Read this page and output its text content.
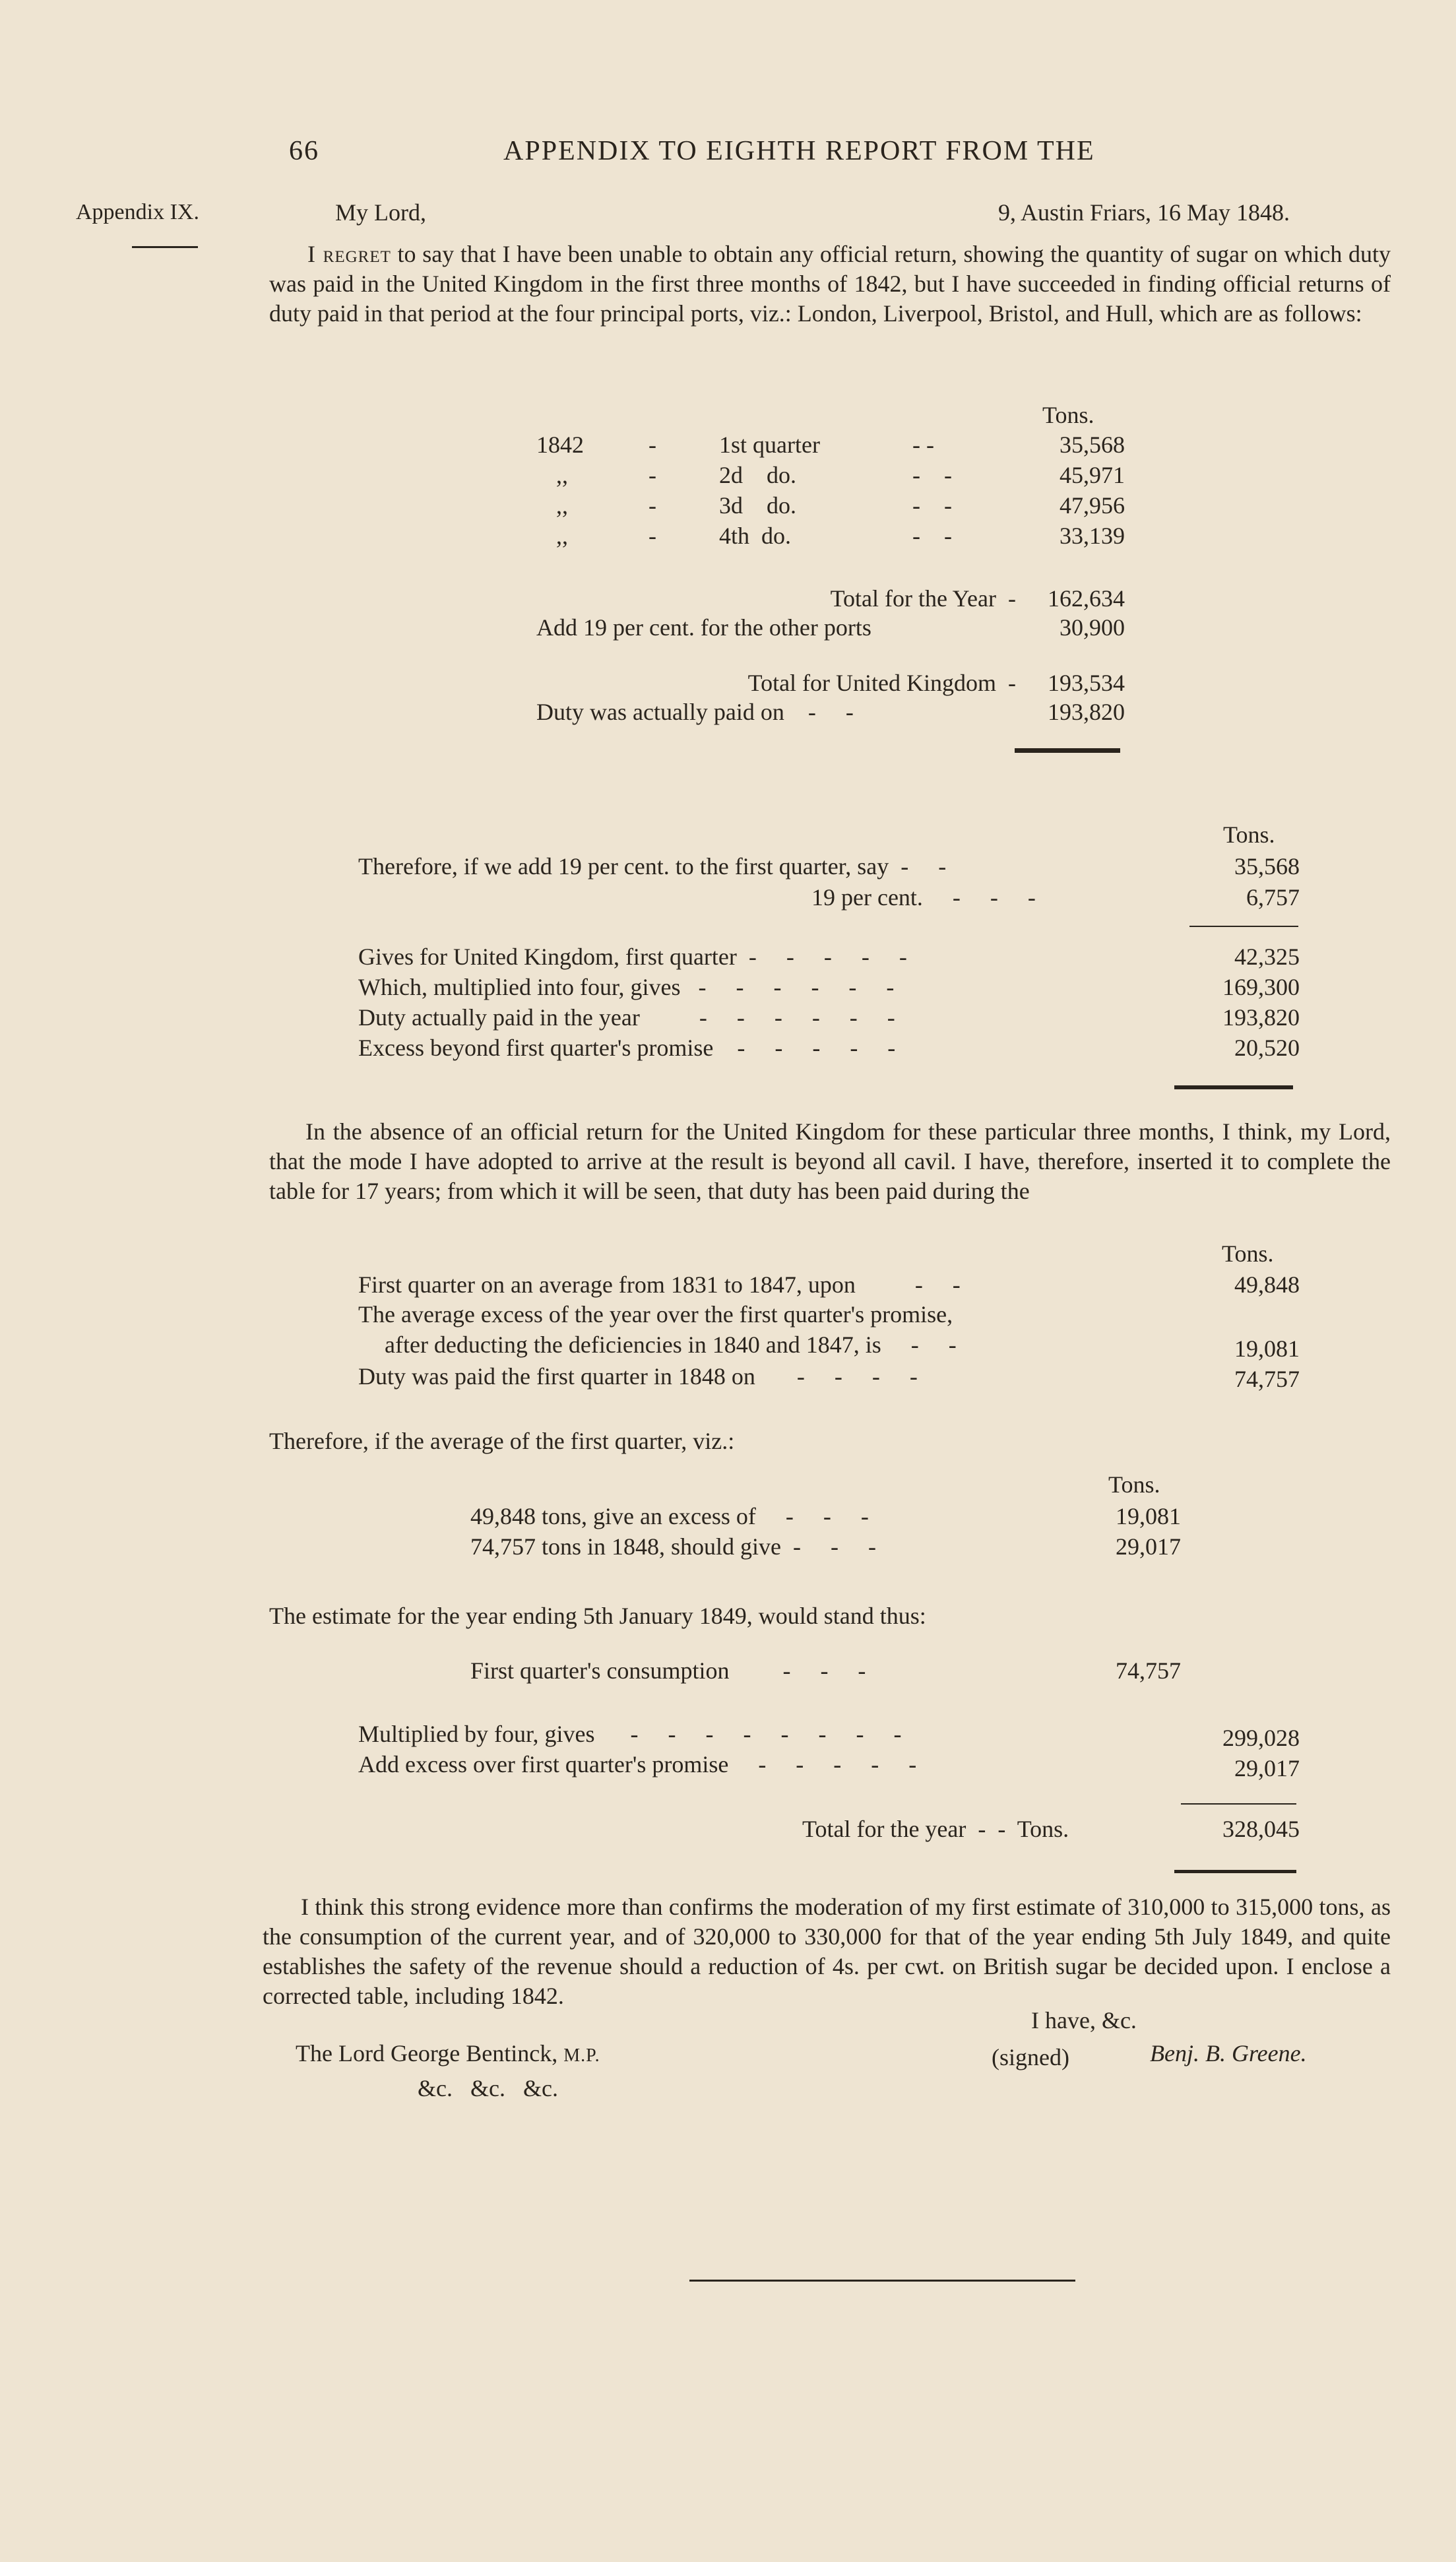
66	APPENDIX TO EIGHTH REPORT FROM THE
Appendix IX.	My Lord,	9, Austin Friars, 16 May 1848.
I regret to say that I have been unable to obtain any official return, showing the quantity of sugar on which duty was paid in the United Kingdom in the first three months of 1842, but I have succeeded in finding official returns of duty paid in that period at the four principal ports, viz.: London, Liverpool, Bristol, and Hull, which are as follows:
Tons.
1842	-	1st quarter	- -	35,568
,,	-	2d    do.	-    -	45,971
,,	-	3d    do.	-    -	47,956
,,	-	4th  do.	-    -	33,139
Total for the Year  -	162,634
Add 19 per cent. for the other ports	30,900
Total for United Kingdom  -	193,534
Duty was actually paid on    -     -	193,820
Tons.
Therefore, if we add 19 per cent. to the first quarter, say  -     -	35,568
19 per cent.     -     -     -	6,757
Gives for United Kingdom, first quarter  -     -     -     -     -	42,325
Which, multiplied into four, gives   -     -     -     -     -     -	169,300
Duty actually paid in the year          -     -     -     -     -     -	193,820
Excess beyond first quarter's promise    -     -     -     -     -	20,520
In the absence of an official return for the United Kingdom for these particular three months, I think, my Lord, that the mode I have adopted to arrive at the result is beyond all cavil. I have, therefore, inserted it to complete the table for 17 years; from which it will be seen, that duty has been paid during the
Tons.
First quarter on an average from 1831 to 1847, upon          -     -	49,848
The average excess of the year over the first quarter's promise,
after deducting the deficiencies in 1840 and 1847, is     -     -	19,081
Duty was paid the first quarter in 1848 on       -     -     -     -	74,757
Therefore, if the average of the first quarter, viz.:
Tons.
49,848 tons, give an excess of     -     -     -	19,081
74,757 tons in 1848, should give  -     -     -	29,017
The estimate for the year ending 5th January 1849, would stand thus:
First quarter's consumption         -     -     -	74,757
Multiplied by four, gives      -     -     -     -     -     -     -     -	299,028
Add excess over first quarter's promise     -     -     -     -     -	29,017
Total for the year  -  -  Tons.	328,045
I think this strong evidence more than confirms the moderation of my first estimate of 310,000 to 315,000 tons, as the consumption of the current year, and of 320,000 to 330,000 for that of the year ending 5th July 1849, and quite establishes the safety of the revenue should a reduction of 4s. per cwt. on British sugar be decided upon. I enclose a corrected table, including 1842.
I have, &c.
(signed)	Benj. B. Greene.
The Lord George Bentinck, M.P.
&c.   &c.   &c.
